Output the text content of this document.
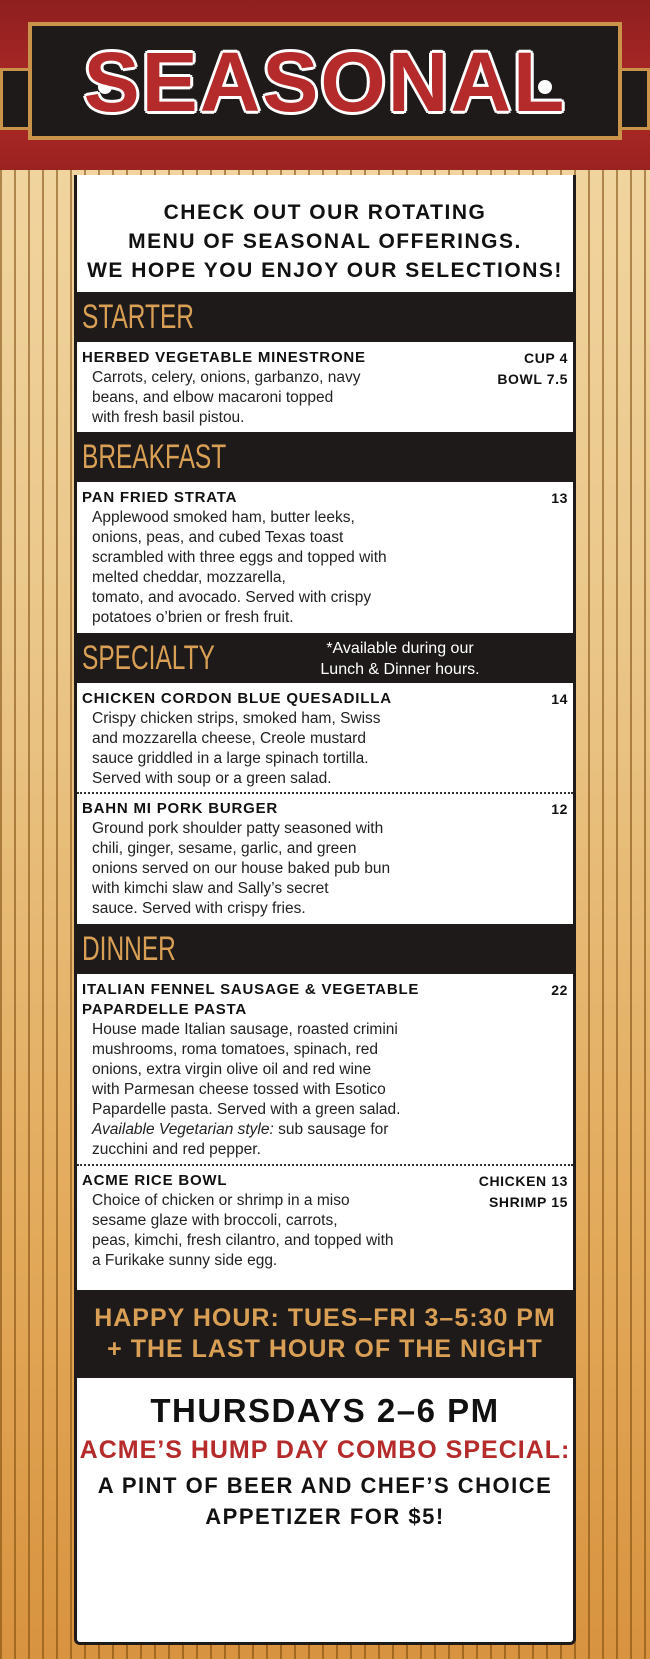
SEASONAL
CHECK OUT OUR ROTATING
MENU OF SEASONAL OFFERINGS.
WE HOPE YOU ENJOY OUR SELECTIONS!
STARTER
HERBED VEGETABLE MINESTRONE
Carrots, celery, onions, garbanzo, navy
beans, and elbow macaroni topped
with fresh basil pistou.
CUP 4
BOWL 7.5
BREAKFAST
PAN FRIED STRATA
Applewood smoked ham, butter leeks,
onions, peas, and cubed Texas toast
scrambled with three eggs and topped with
melted cheddar, mozzarella,
tomato, and avocado. Served with crispy
potatoes o’brien or fresh fruit.
13
SPECIALTY	*Available during our
Lunch & Dinner hours.
CHICKEN CORDON BLUE QUESADILLA
Crispy chicken strips, smoked ham, Swiss
and mozzarella cheese, Creole mustard
sauce griddled in a large spinach tortilla.
Served with soup or a green salad.
14
BAHN MI PORK BURGER
Ground pork shoulder patty seasoned with
chili, ginger, sesame, garlic, and green
onions served on our house baked pub bun
with kimchi slaw and Sally’s secret
sauce. Served with crispy fries.
12
DINNER
ITALIAN FENNEL SAUSAGE & VEGETABLE
PAPARDELLE PASTA
House made Italian sausage, roasted crimini
mushrooms, roma tomatoes, spinach, red
onions, extra virgin olive oil and red wine
with Parmesan cheese tossed with Esotico
Papardelle pasta. Served with a green salad.
Available Vegetarian style: sub sausage for
zucchini and red pepper.
22
ACME RICE BOWL
Choice of chicken or shrimp in a miso
sesame glaze with broccoli, carrots,
peas, kimchi, fresh cilantro, and topped with
a Furikake sunny side egg.
CHICKEN 13
SHRIMP 15
HAPPY HOUR: TUES–FRI 3–5:30 PM
+ THE LAST HOUR OF THE NIGHT
THURSDAYS 2–6 PM
ACME’S HUMP DAY COMBO SPECIAL:
A PINT OF BEER AND CHEF’S CHOICE
APPETIZER FOR $5!
